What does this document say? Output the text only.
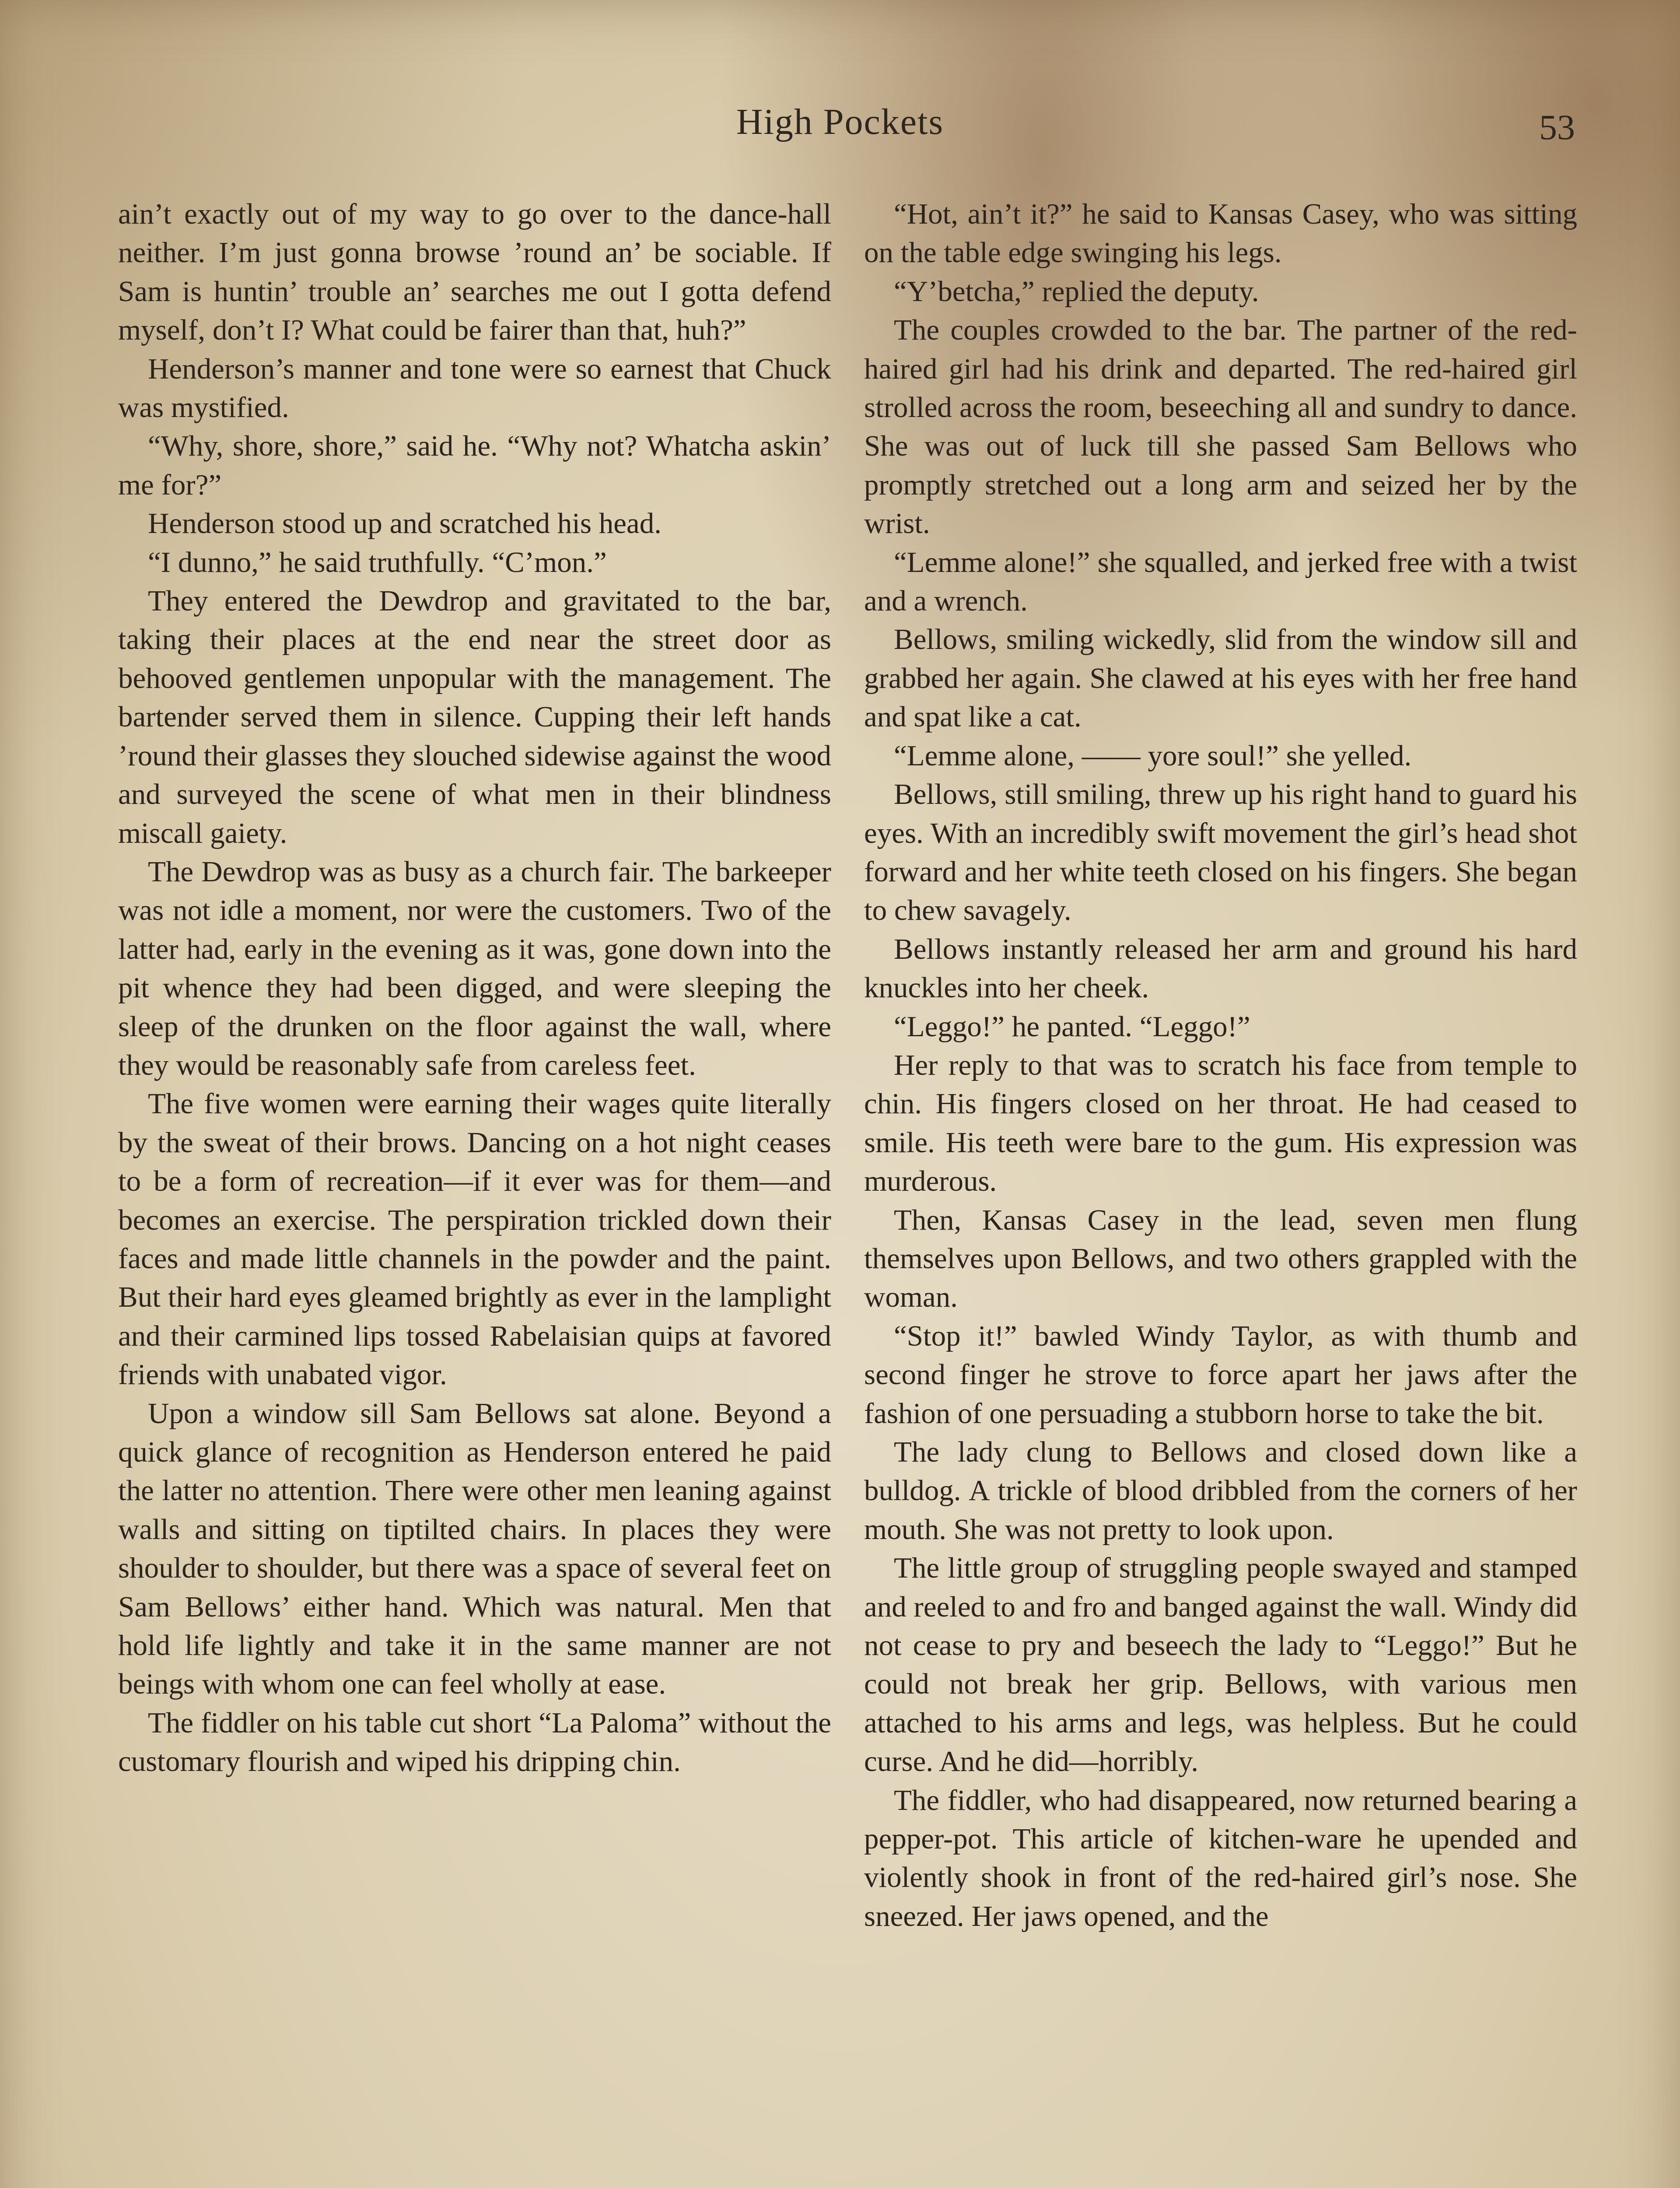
High Pockets	53

ain’t exactly out of my way to go over to the dance-hall neither. I’m just gonna browse ’round an’ be sociable. If Sam is huntin’ trouble an’ searches me out I gotta defend myself, don’t I? What could be fairer than that, huh?”

Henderson’s manner and tone were so earnest that Chuck was mystified.

“Why, shore, shore,” said he. “Why not? Whatcha askin’ me for?”

Henderson stood up and scratched his head.

“I dunno,” he said truthfully. “C’mon.”

They entered the Dewdrop and gravitated to the bar, taking their places at the end near the street door as behooved gentlemen unpopular with the management. The bartender served them in silence. Cupping their left hands ’round their glasses they slouched sidewise against the wood and surveyed the scene of what men in their blindness miscall gaiety.

The Dewdrop was as busy as a church fair. The barkeeper was not idle a moment, nor were the customers. Two of the latter had, early in the evening as it was, gone down into the pit whence they had been digged, and were sleeping the sleep of the drunken on the floor against the wall, where they would be reasonably safe from careless feet.

The five women were earning their wages quite literally by the sweat of their brows. Dancing on a hot night ceases to be a form of recreation—if it ever was for them—and becomes an exercise. The perspiration trickled down their faces and made little channels in the powder and the paint. But their hard eyes gleamed brightly as ever in the lamplight and their carmined lips tossed Rabelaisian quips at favored friends with unabated vigor.

Upon a window sill Sam Bellows sat alone. Beyond a quick glance of recognition as Henderson entered he paid the latter no attention. There were other men leaning against walls and sitting on tiptilted chairs. In places they were shoulder to shoulder, but there was a space of several feet on Sam Bellows’ either hand. Which was natural. Men that hold life lightly and take it in the same manner are not beings with whom one can feel wholly at ease.

The fiddler on his table cut short “La Paloma” without the customary flourish and wiped his dripping chin.

“Hot, ain’t it?” he said to Kansas Casey, who was sitting on the table edge swinging his legs.

“Y’betcha,” replied the deputy.

The couples crowded to the bar. The partner of the red-haired girl had his drink and departed. The red-haired girl strolled across the room, beseeching all and sundry to dance. She was out of luck till she passed Sam Bellows who promptly stretched out a long arm and seized her by the wrist.

“Lemme alone!” she squalled, and jerked free with a twist and a wrench.

Bellows, smiling wickedly, slid from the window sill and grabbed her again. She clawed at his eyes with her free hand and spat like a cat.

“Lemme alone, —— yore soul!” she yelled.

Bellows, still smiling, threw up his right hand to guard his eyes. With an incredibly swift movement the girl’s head shot forward and her white teeth closed on his fingers. She began to chew savagely.

Bellows instantly released her arm and ground his hard knuckles into her cheek.

“Leggo!” he panted. “Leggo!”

Her reply to that was to scratch his face from temple to chin. His fingers closed on her throat. He had ceased to smile. His teeth were bare to the gum. His expression was murderous.

Then, Kansas Casey in the lead, seven men flung themselves upon Bellows, and two others grappled with the woman.

“Stop it!” bawled Windy Taylor, as with thumb and second finger he strove to force apart her jaws after the fashion of one persuading a stubborn horse to take the bit.

The lady clung to Bellows and closed down like a bulldog. A trickle of blood dribbled from the corners of her mouth. She was not pretty to look upon.

The little group of struggling people swayed and stamped and reeled to and fro and banged against the wall. Windy did not cease to pry and beseech the lady to “Leggo!” But he could not break her grip. Bellows, with various men attached to his arms and legs, was helpless. But he could curse. And he did—horribly.

The fiddler, who had disappeared, now returned bearing a pepper-pot. This article of kitchen-ware he upended and violently shook in front of the red-haired girl’s nose. She sneezed. Her jaws opened, and the
